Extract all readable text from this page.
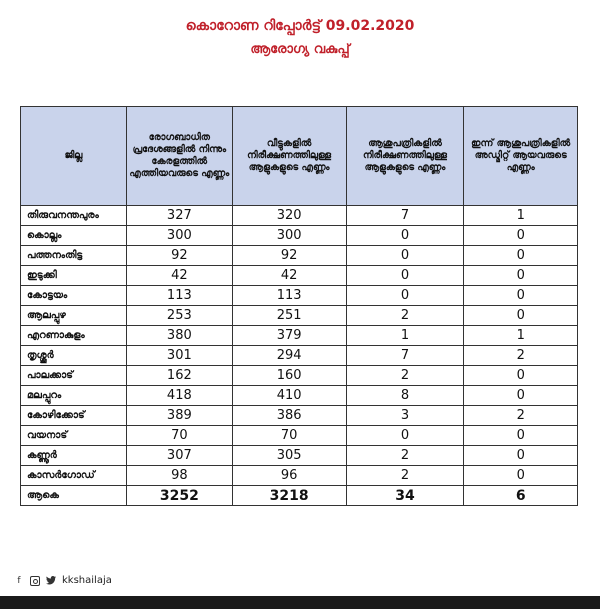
കൊറോണ റിപ്പോർട്ട് 09.02.2020
ആരോഗ്യ വകുപ്പ്
ജില്ല	രോഗബാധിത പ്രദേശങ്ങളിൽ നിന്നും കേരളത്തിൽ എത്തിയവരുടെ എണ്ണം	വീട്ടുകളിൽ നിരീക്ഷണത്തിലുള്ള ആളുകളുടെ എണ്ണം	ആശുപത്രികളിൽ നിരീക്ഷണത്തിലുള്ള ആളുകളുടെ എണ്ണം	ഇന്ന് ആശുപത്രികളിൽ അഡ്മിറ്റ് ആയവരുടെ എണ്ണം
തിരുവനന്തപുരം	327	320	7	1
കൊല്ലം	300	300	0	0
പത്തനംതിട്ട	92	92	0	0
ഇടുക്കി	42	42	0	0
കോട്ടയം	113	113	0	0
ആലപ്പുഴ	253	251	2	0
എറണാകുളം	380	379	1	1
തൃശ്ശൂർ	301	294	7	2
പാലക്കാട്	162	160	2	0
മലപ്പുറം	418	410	8	0
കോഴിക്കോട്	389	386	3	2
വയനാട്	70	70	0	0
കണ്ണൂർ	307	305	2	0
കാസർഗോഡ്	98	96	2	0
ആകെ	3252	3218	34	6
f	kkshailaja
